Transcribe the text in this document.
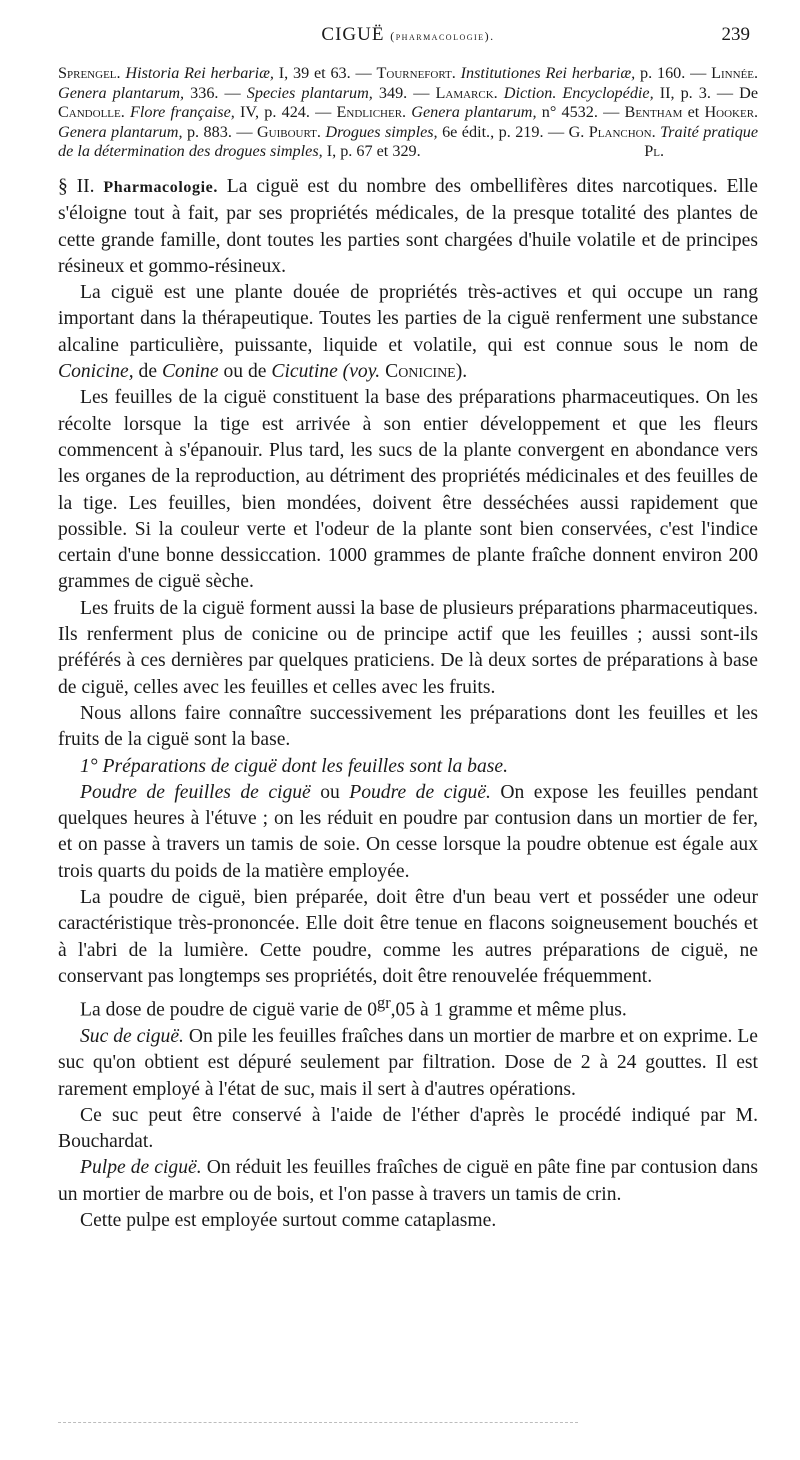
CIGUË (pharmacologie).	239
Sprengel. Historia Rei herbariæ, I, 39 et 63. — Tournefort. Institutiones Rei herbariæ, p. 160. — Linnée. Genera plantarum, 336. — Species plantarum, 349. — Lamarck. Diction. Encyclopédie, II, p. 3. — De Candolle. Flore française, IV, p. 424. — Endlicher. Genera plantarum, n° 4532. — Bentham et Hooker. Genera plantarum, p. 883. — Guibourt. Drogues simples, 6e édit., p. 219. — G. Planchon. Traité pratique de la détermination des drogues simples, I, p. 67 et 329.	Pl.

§ II. Pharmacologie. La ciguë est du nombre des ombellifères dites narcotiques. Elle s'éloigne tout à fait, par ses propriétés médicales, de la presque totalité des plantes de cette grande famille, dont toutes les parties sont chargées d'huile volatile et de principes résineux et gommo-résineux.

La ciguë est une plante douée de propriétés très-actives et qui occupe un rang important dans la thérapeutique. Toutes les parties de la ciguë renferment une substance alcaline particulière, puissante, liquide et volatile, qui est connue sous le nom de Conicine, de Conine ou de Cicutine (voy. Conicine).

Les feuilles de la ciguë constituent la base des préparations pharmaceutiques. On les récolte lorsque la tige est arrivée à son entier développement et que les fleurs commencent à s'épanouir. Plus tard, les sucs de la plante convergent en abondance vers les organes de la reproduction, au détriment des propriétés médicinales et des feuilles de la tige. Les feuilles, bien mondées, doivent être desséchées aussi rapidement que possible. Si la couleur verte et l'odeur de la plante sont bien conservées, c'est l'indice certain d'une bonne dessiccation. 1000 grammes de plante fraîche donnent environ 200 grammes de ciguë sèche.

Les fruits de la ciguë forment aussi la base de plusieurs préparations pharmaceutiques. Ils renferment plus de conicine ou de principe actif que les feuilles ; aussi sont-ils préférés à ces dernières par quelques praticiens. De là deux sortes de préparations à base de ciguë, celles avec les feuilles et celles avec les fruits.

Nous allons faire connaître successivement les préparations dont les feuilles et les fruits de la ciguë sont la base.

1° Préparations de ciguë dont les feuilles sont la base.

Poudre de feuilles de ciguë ou Poudre de ciguë. On expose les feuilles pendant quelques heures à l'étuve ; on les réduit en poudre par contusion dans un mortier de fer, et on passe à travers un tamis de soie. On cesse lorsque la poudre obtenue est égale aux trois quarts du poids de la matière employée.

La poudre de ciguë, bien préparée, doit être d'un beau vert et posséder une odeur caractéristique très-prononcée. Elle doit être tenue en flacons soigneusement bouchés et à l'abri de la lumière. Cette poudre, comme les autres préparations de ciguë, ne conservant pas longtemps ses propriétés, doit être renouvelée fréquemment.

La dose de poudre de ciguë varie de $0^{gr},05$ à 1 gramme et même plus.

Suc de ciguë. On pile les feuilles fraîches dans un mortier de marbre et on exprime. Le suc qu'on obtient est dépuré seulement par filtration. Dose de 2 à 24 gouttes. Il est rarement employé à l'état de suc, mais il sert à d'autres opérations.

Ce suc peut être conservé à l'aide de l'éther d'après le procédé indiqué par M. Bouchardat.

Pulpe de ciguë. On réduit les feuilles fraîches de ciguë en pâte fine par contusion dans un mortier de marbre ou de bois, et l'on passe à travers un tamis de crin.

Cette pulpe est employée surtout comme cataplasme.
